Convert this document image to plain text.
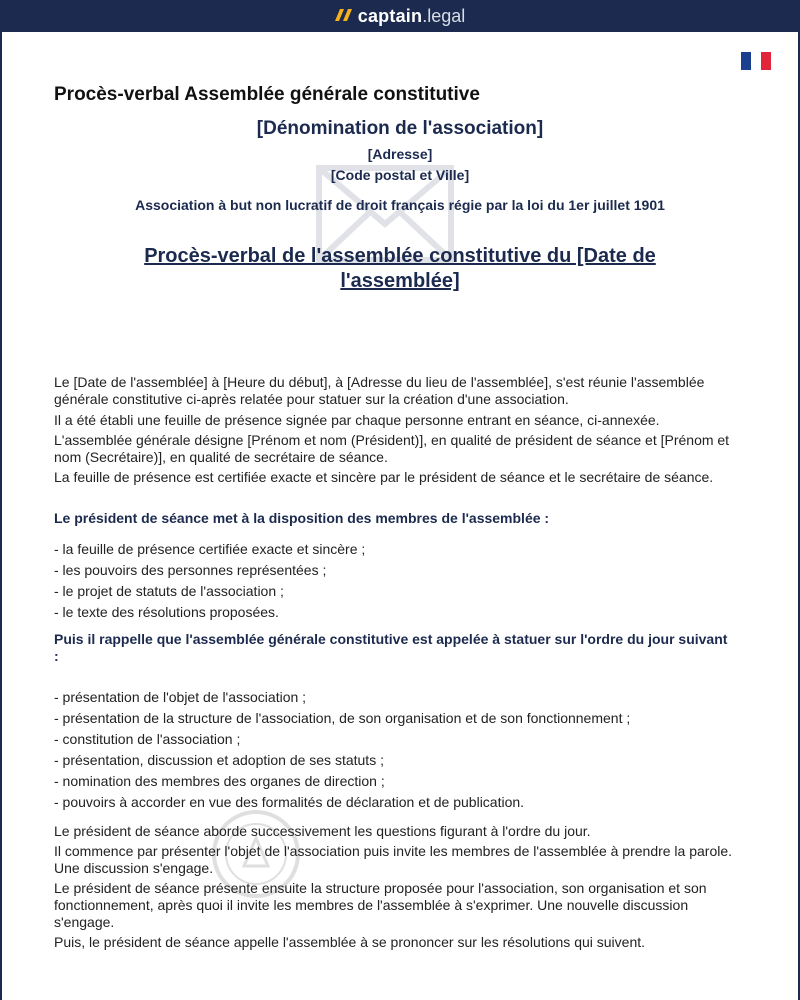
captain .legal
Procès-verbal Assemblée générale constitutive
[Dénomination de l'association]
[Adresse]
[Code postal et Ville]
Association à but non lucratif de droit français régie par la loi du 1er juillet 1901
Procès-verbal de l'assemblée constitutive du [Date de l'assemblée]

Le [Date de l'assemblée] à [Heure du début], à [Adresse du lieu de l'assemblée], s'est réunie l'assemblée générale constitutive ci-après relatée pour statuer sur la création d'une association.

Il a été établi une feuille de présence signée par chaque personne entrant en séance, ci-annexée.

L'assemblée générale désigne [Prénom et nom (Président)], en qualité de président de séance et [Prénom et nom (Secrétaire)], en qualité de secrétaire de séance.

La feuille de présence est certifiée exacte et sincère par le président de séance et le secrétaire de séance.

Le président de séance met à la disposition des membres de l'assemblée :

- la feuille de présence certifiée exacte et sincère ;
- les pouvoirs des personnes représentées ;
- le projet de statuts de l'association ;
- le texte des résolutions proposées.

Puis il rappelle que l'assemblée générale constitutive est appelée à statuer sur l'ordre du jour suivant :

- présentation de l'objet de l'association ;
- présentation de la structure de l'association, de son organisation et de son fonctionnement ;
- constitution de l'association ;
- présentation, discussion et adoption de ses statuts ;
- nomination des membres des organes de direction ;
- pouvoirs à accorder en vue des formalités de déclaration et de publication.

Le président de séance aborde successivement les questions figurant à l'ordre du jour.

Il commence par présenter l'objet de l'association puis invite les membres de l'assemblée à prendre la parole. Une discussion s'engage.

Le président de séance présente ensuite la structure proposée pour l'association, son organisation et son fonctionnement, après quoi il invite les membres de l'assemblée à s'exprimer. Une nouvelle discussion s'engage.

Puis, le président de séance appelle l'assemblée à se prononcer sur les résolutions qui suivent.
